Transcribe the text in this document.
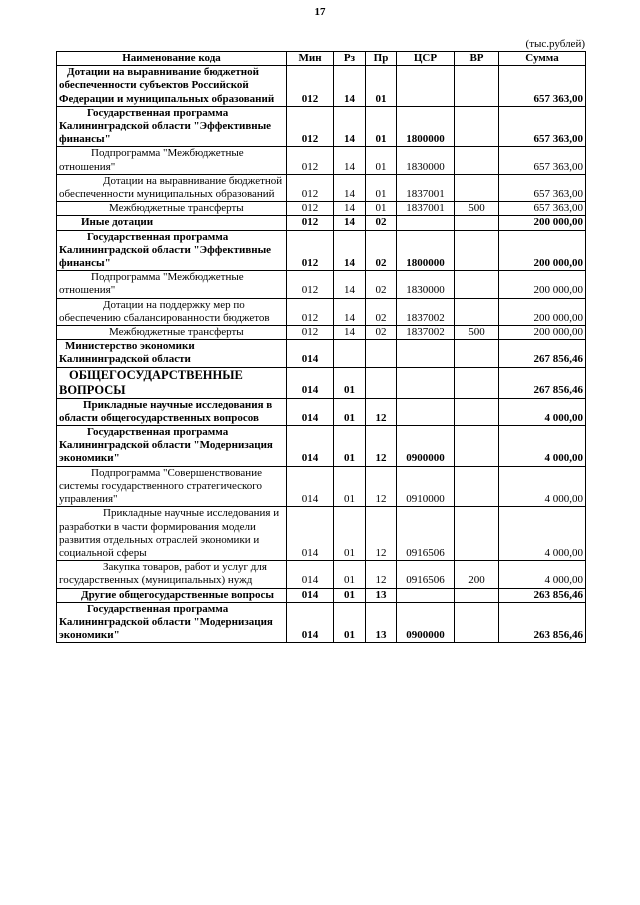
17
(тыс.рублей)
Наименование кода	Мин	Рз	Пр	ЦСР	ВР	Сумма
Дотации на выравнивание бюджетной обеспеченности субъектов Российской Федерации и муниципальных образований	012	14	01			657 363,00
Государственная программа Калининградской области "Эффективные финансы"	012	14	01	1800000		657 363,00
Подпрограмма "Межбюджетные отношения"	012	14	01	1830000		657 363,00
Дотации на выравнивание бюджетной обеспеченности муниципальных образований	012	14	01	1837001		657 363,00
Межбюджетные трансферты	012	14	01	1837001	500	657 363,00
Иные дотации	012	14	02			200 000,00
Государственная программа Калининградской области "Эффективные финансы"	012	14	02	1800000		200 000,00
Подпрограмма "Межбюджетные отношения"	012	14	02	1830000		200 000,00
Дотации на поддержку мер по обеспечению сбалансированности бюджетов	012	14	02	1837002		200 000,00
Межбюджетные трансферты	012	14	02	1837002	500	200 000,00
Министерство экономики Калининградской области	014					267 856,46
ОБЩЕГОСУДАРСТВЕННЫЕ ВОПРОСЫ	014	01				267 856,46
Прикладные научные исследования в области общегосударственных вопросов	014	01	12			4 000,00
Государственная программа Калининградской области "Модернизация экономики"	014	01	12	0900000		4 000,00
Подпрограмма "Совершенствование системы государственного стратегического управления"	014	01	12	0910000		4 000,00
Прикладные научные исследования и разработки в части формирования модели развития отдельных отраслей экономики и социальной сферы	014	01	12	0916506		4 000,00
Закупка товаров, работ и услуг для государственных (муниципальных) нужд	014	01	12	0916506	200	4 000,00
Другие общегосударственные вопросы	014	01	13			263 856,46
Государственная программа Калининградской области "Модернизация экономики"	014	01	13	0900000		263 856,46
